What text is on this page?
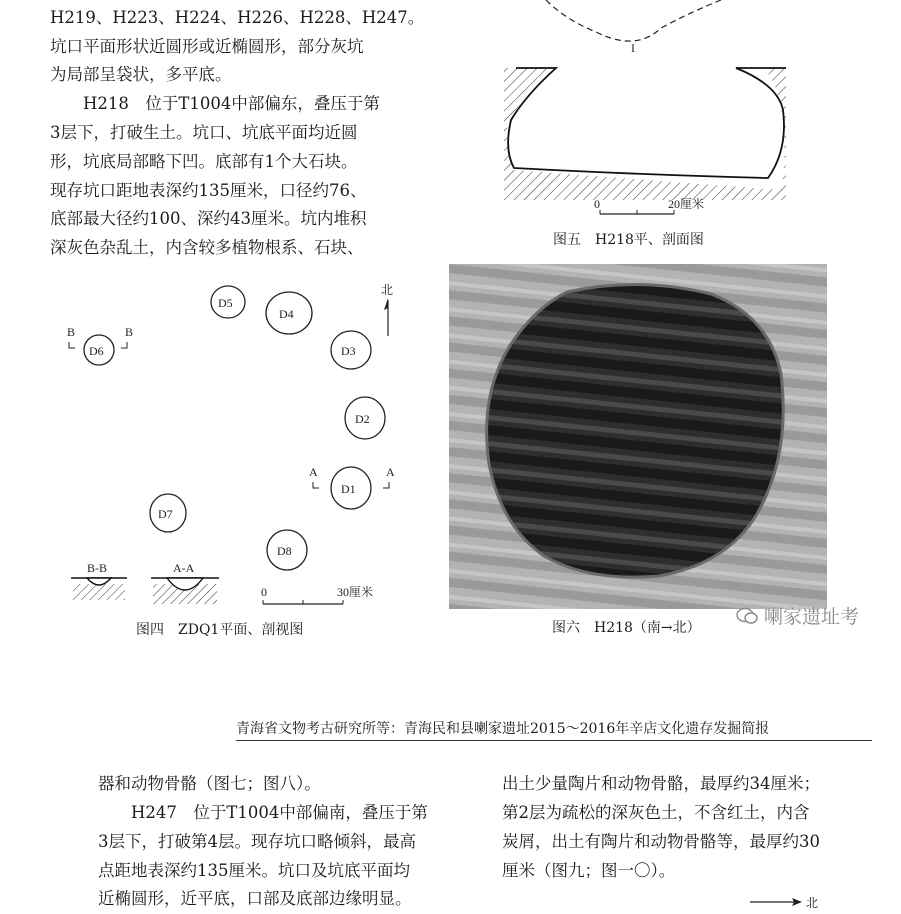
H219、H223、H224、H226、H228、H247。
坑口平面形状近圆形或近椭圆形，部分灰坑
为局部呈袋状，多平底。
　　H218　位于T1004中部偏东，叠压于第
3层下，打破生土。坑口、坑底平面均近圆
形，坑底局部略下凹。底部有1个大石块。
现存坑口距地表深约135厘米，口径约76、
底部最大径约100、深约43厘米。坑内堆积
深灰色杂乱土，内含较多植物根系、石块、
I
0	20厘米
图五　H218平、剖面图
D5
D4
D3
D2
D1
D6
D7
D8
B	B
A	A
北
B-B	A-A
0	30厘米
图四　ZDQ1平面、剖视图	图六　H218（南→北）	喇家遗址考
青海省文物考古研究所等：青海民和县喇家遗址2015～2016年辛店文化遗存发掘简报
器和动物骨骼（图七；图八）。
　　H247　位于T1004中部偏南，叠压于第
3层下，打破第4层。现存坑口略倾斜，最高
点距地表深约135厘米。坑口及坑底平面均
近椭圆形，近平底，口部及底部边缘明显。
出土少量陶片和动物骨骼，最厚约34厘米；
第2层为疏松的深灰色土，不含红土，内含
炭屑，出土有陶片和动物骨骼等，最厚约30
厘米（图九；图一〇）。
北
